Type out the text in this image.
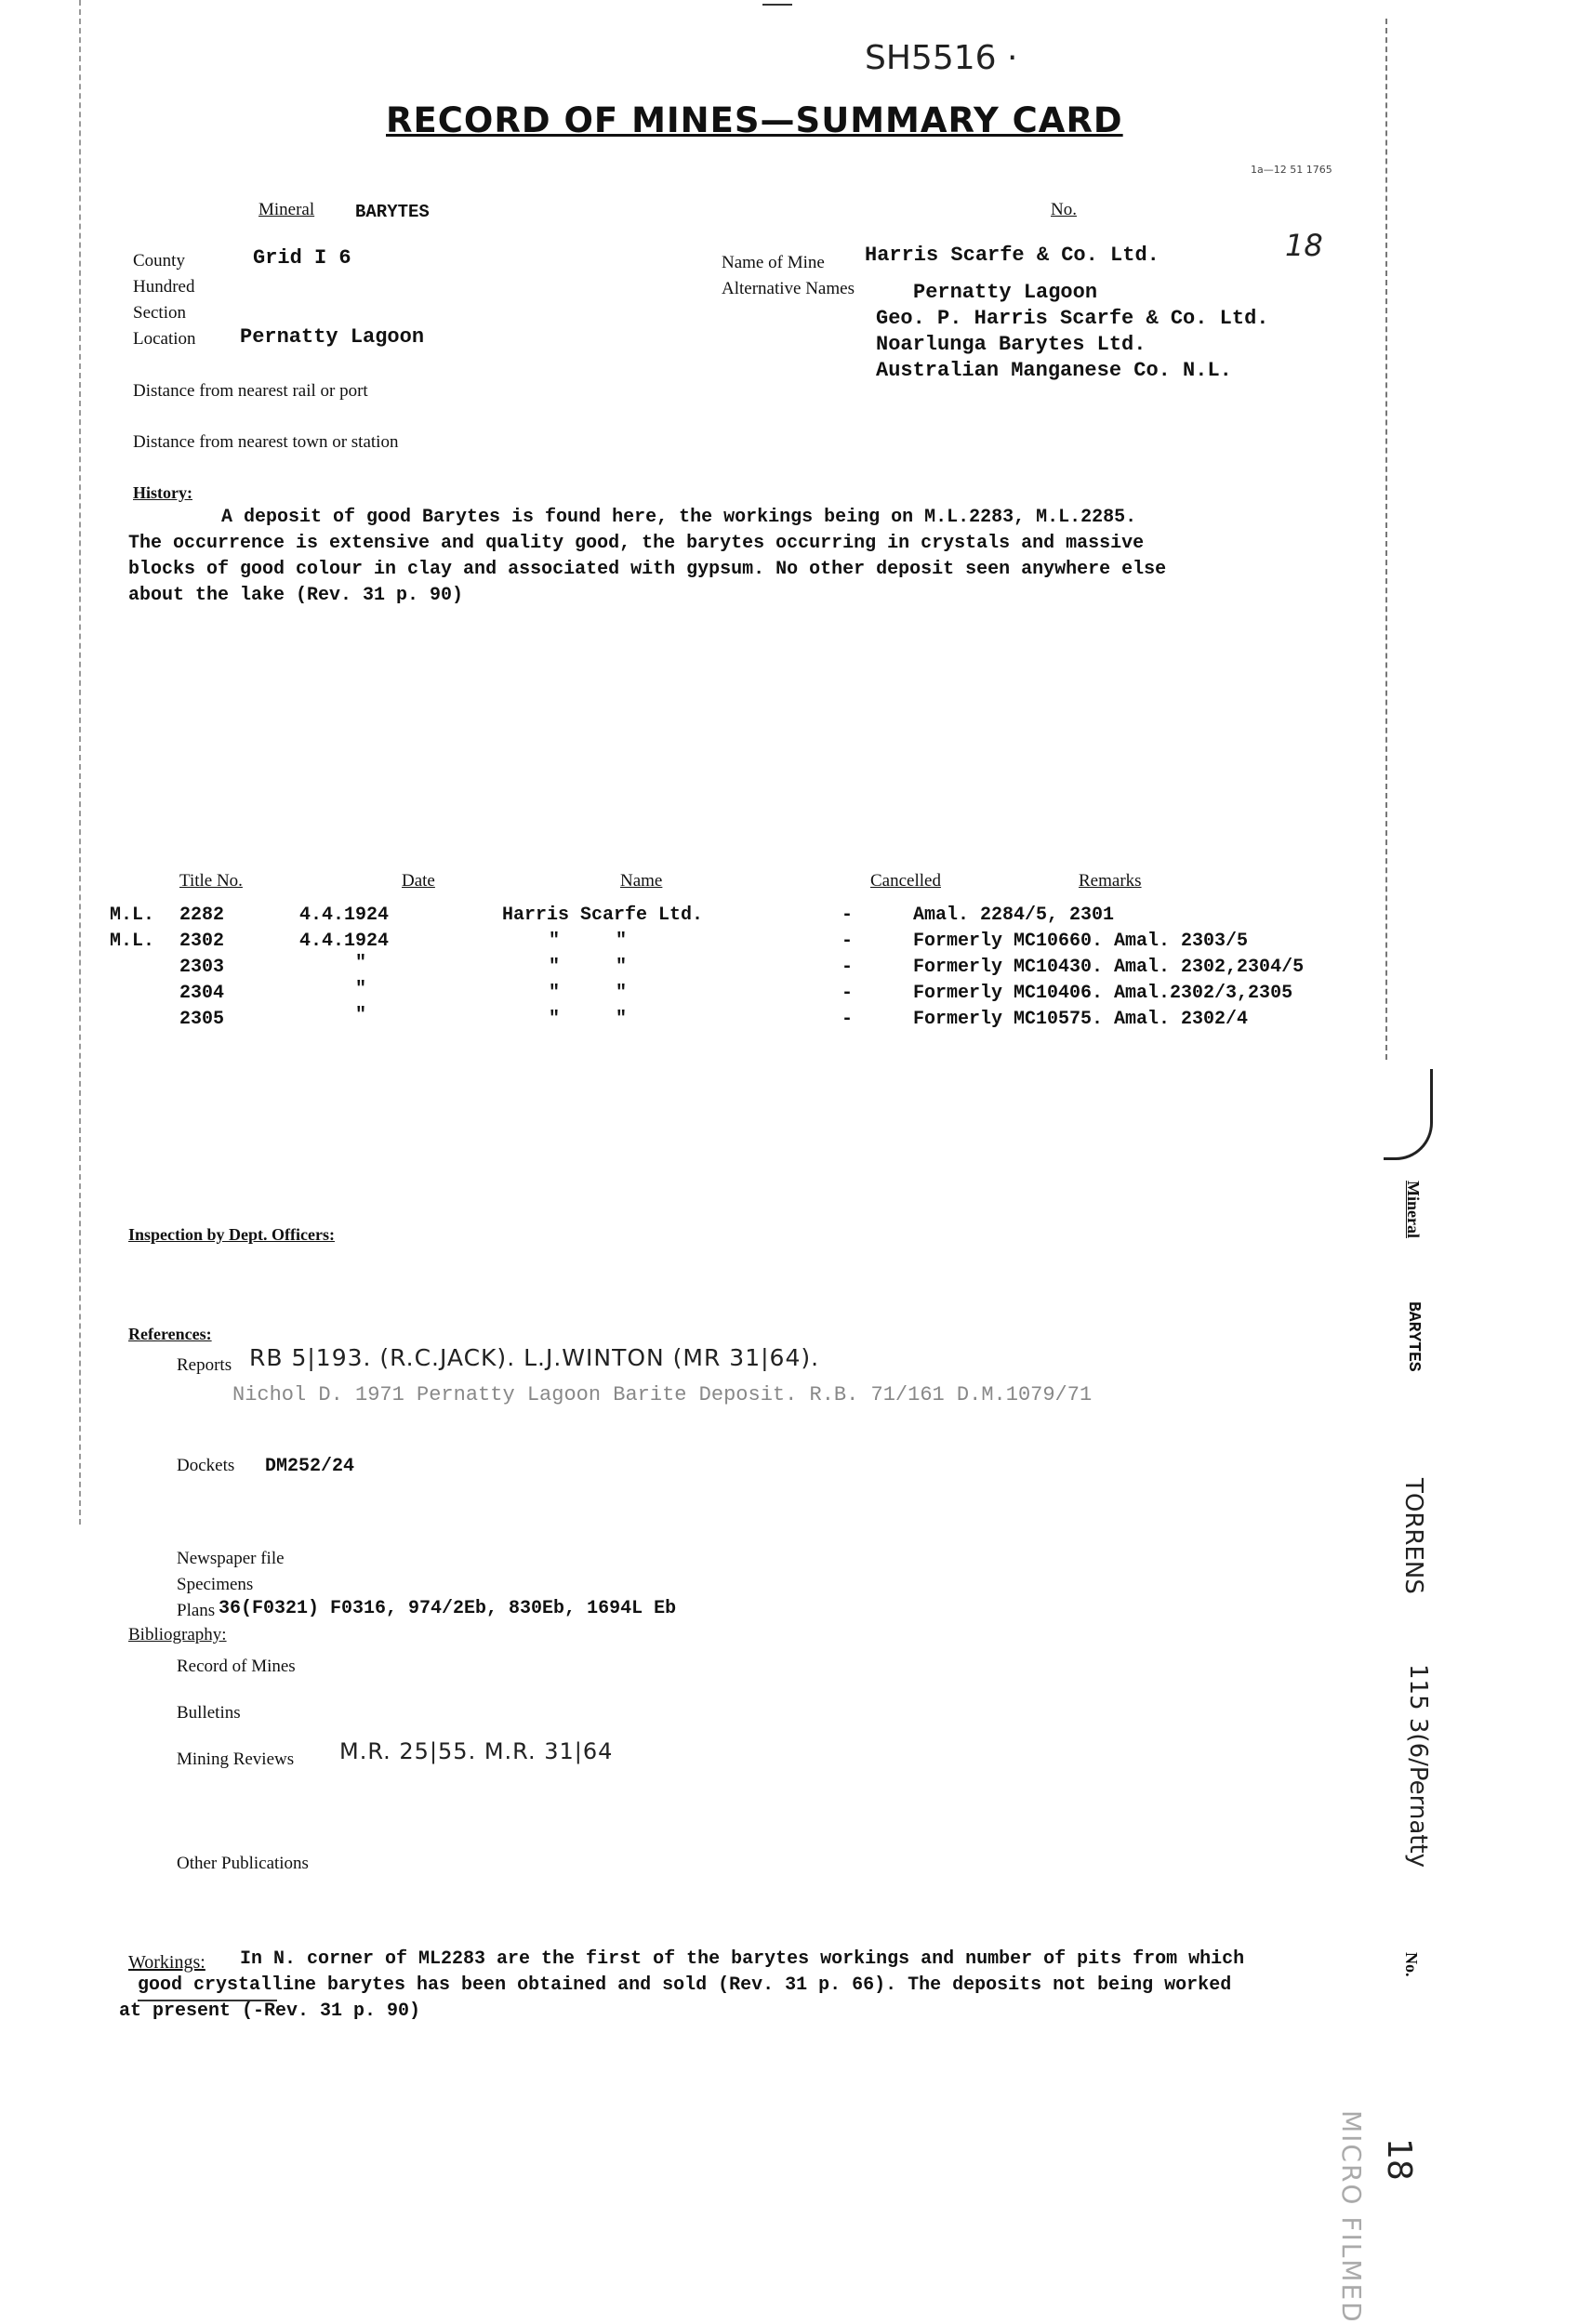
SH5516 ·
RECORD OF MINES—SUMMARY CARD
1a—12 51 1765
Mineral BARYTES	No.
18
County	Grid I 6
Hundred
Section
Location Pernatty Lagoon
Distance from nearest rail or port
Distance from nearest town or station
Name of Mine Harris Scarfe & Co. Ltd.
Alternative Names	Pernatty Lagoon
Geo. P. Harris Scarfe & Co. Ltd.
Noarlunga Barytes Ltd.
Australian Manganese Co. N.L.
History:
A deposit of good Barytes is found here, the workings being on M.L.2283, M.L.2285.
The occurrence is extensive and quality good, the barytes occurring in crystals and massive
blocks of good colour in clay and associated with gypsum. No other deposit seen anywhere else
about the lake (Rev. 31 p. 90)
Title No.	Date	Name	Cancelled	Remarks
M.L. 2282	4.4.1924	Harris Scarfe Ltd.	-	Amal. 2284/5, 2301
M.L. 2302	4.4.1924	"     "	-	Formerly MC10660. Amal. 2303/5
2303	"	"     "	-	Formerly MC10430. Amal. 2302,2304/5
2304	"	"     "	-	Formerly MC10406. Amal.2302/3,2305
2305	"	"     "	-	Formerly MC10575. Amal. 2302/4
Inspection by Dept. Officers:
References:
Reports RB 5|193. (R.C.JACK). L.J.WINTON (MR 31|64).
Nichol D. 1971 Pernatty Lagoon Barite Deposit. R.B. 71/161 D.M.1079/71
Dockets DM252/24
Newspaper file
Specimens
Plans 36(F0321) F0316, 974/2Eb, 830Eb, 1694L Eb
Bibliography:
Record of Mines
Bulletins
Mining Reviews M.R. 25|55. M.R. 31|64
Other Publications
Workings: In N. corner of ML2283 are the first of the barytes workings and number of pits from which
good crystalline barytes has been obtained and sold (Rev. 31 p. 66). The deposits not being worked
at present (-Rev. 31 p. 90)
Mineral
BARYTES
TORRENS
115 3(6/Pernatty
No.
MICRO FILMED 18
